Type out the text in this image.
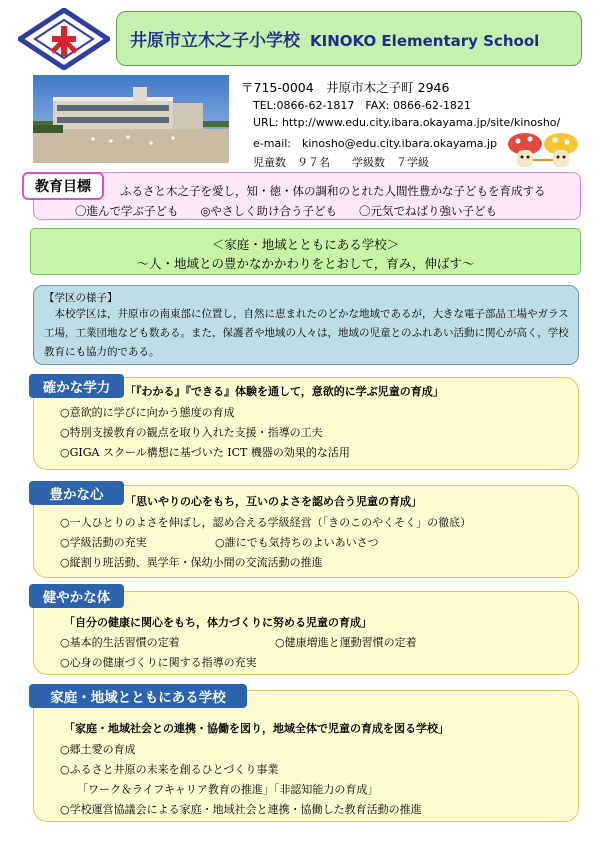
井原市立木之子小学校 KINOKO Elementary School
〒715-0004　井原市木之子町 2946
TEL:0866-62-1817　FAX: 0866-62-1821
URL: http://www.edu.city.ibara.okayama.jp/site/kinosho/
e-mail:　kinosho@edu.city.ibara.okayama.jp
児童数　９７名　　学級数　７学級
教育目標	ふるさと木之子を愛し，知・徳・体の調和のとれた人間性豊かな子どもを育成する
〇進んで学ぶ子ども ◎やさしく助け合う子ども 〇元気でねばり強い子ども
＜家庭・地域とともにある学校＞
～人・地域との豊かなかかわりをとおして，育み，伸ばす～
【学区の様子】
本校学区は，井原市の南東部に位置し，自然に恵まれたのどかな地域であるが，大きな電子部品工場やガラス工場，工業団地なども数ある。また，保護者や地域の人々は，地域の児童とのふれあい活動に関心が高く，学校教育にも協力的である。
確かな学力	「『わかる』『できる』体験を通して，意欲的に学ぶ児童の育成」
○意欲的に学びに向かう態度の育成
○特別支援教育の観点を取り入れた支援・指導の工夫
○GIGA スクール構想に基づいた ICT 機器の効果的な活用
豊かな心	「思いやりの心をもち，互いのよさを認め合う児童の育成」
○一人ひとりのよさを伸ばし，認め合える学級経営（「きのこのやくそく」の徹底）
○学級活動の充実	○誰にでも気持ちのよいあいさつ
○縦割り班活動、異学年・保幼小間の交流活動の推進
健やかな体
「自分の健康に関心をもち，体力づくりに努める児童の育成」
○基本的生活習慣の定着	○健康増進と運動習慣の定着
○心身の健康づくりに関する指導の充実
家庭・地域とともにある学校
「家庭・地域社会との連携・協働を図り，地域全体で児童の育成を図る学校」
○郷土愛の育成
○ふるさと井原の未来を創るひとづくり事業
「ワーク＆ライフキャリア教育の推進」「非認知能力の育成」
○学校運営協議会による家庭・地域社会と連携・協働した教育活動の推進
